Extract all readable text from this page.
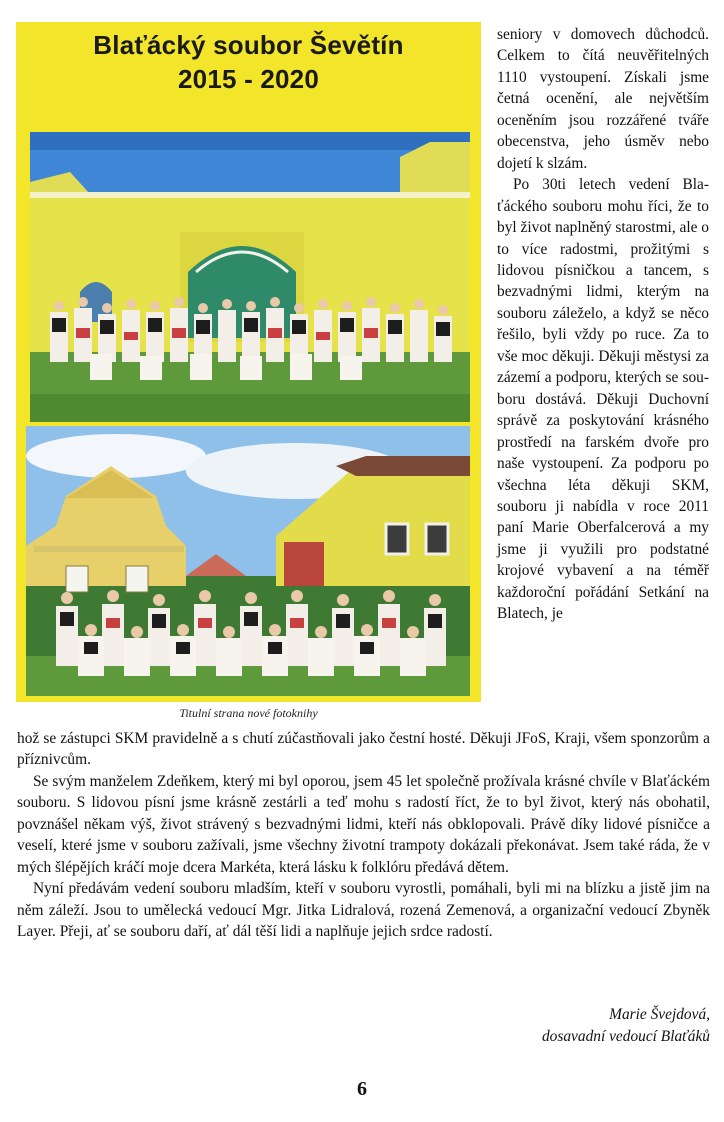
Blaťácký soubor Ševětín
2015 - 2020
Titulní strana nové fotoknihy

seniory v domovech důchodců. Celkem to čítá neuvěřitelných 1110 vystoupení. Získali jsme četná ocenění, ale největším oceněním jsou rozzářené tváře obecenstva, jeho úsměv nebo dojetí k slzám.

Po 30ti letech vedení Blaťáckého souboru mohu říci, že to byl život naplněný starostmi, ale o to více radostmi, prožitými s lidovou písničkou a tancem, s bezvadnými lidmi, kterým na souboru záleželo, a když se něco řešilo, byli vždy po ruce. Za to vše moc děkuji. Děkuji městysi za zázemí a podporu, kterých se souboru dostává. Děkuji Duchovní správě za poskytování krásného prostředí na farském dvoře pro naše vystoupení. Za podporu po všechna léta děkuji SKM, souboru ji nabídla v roce 2011 paní Marie Oberfalcerová a my jsme ji využili pro podstatné krojové vybavení a na téměř každoroční pořádání Setkání na Blatech, je

hož se zástupci SKM pravidelně a s chutí zúčastňovali jako čestní hosté. Děkuji JFoS, Kraji, všem sponzorům a příznivcům.

Se svým manželem Zdeňkem, který mi byl oporou, jsem 45 let společně prožívala krásné chvíle v Blaťáckém souboru. S lidovou písní jsme krásně zestárli a teď mohu s radostí říct, že to byl život, který nás obohatil, povznášel někam výš, život strávený s bezvadnými lidmi, kteří nás obklopovali. Právě díky lidové písničce a veselí, které jsme v souboru zažívali, jsme všechny životní trampoty dokázali překonávat. Jsem také ráda, že v mých šlépějích kráčí moje dcera Markéta, která lásku k folklóru předává dětem.

Nyní předávám vedení souboru mladším, kteří v souboru vyrostli, pomáhali, byli mi na blízku a jistě jim na něm záleží. Jsou to umělecká vedoucí Mgr. Jitka Lidralová, rozená Zemenová, a organizační vedoucí Zbyněk Layer. Přeji, ať se souboru daří, ať dál těší lidi a naplňuje jejich srdce radostí.

Marie Švejdová,
dosavadní vedoucí Blaťáků
6
